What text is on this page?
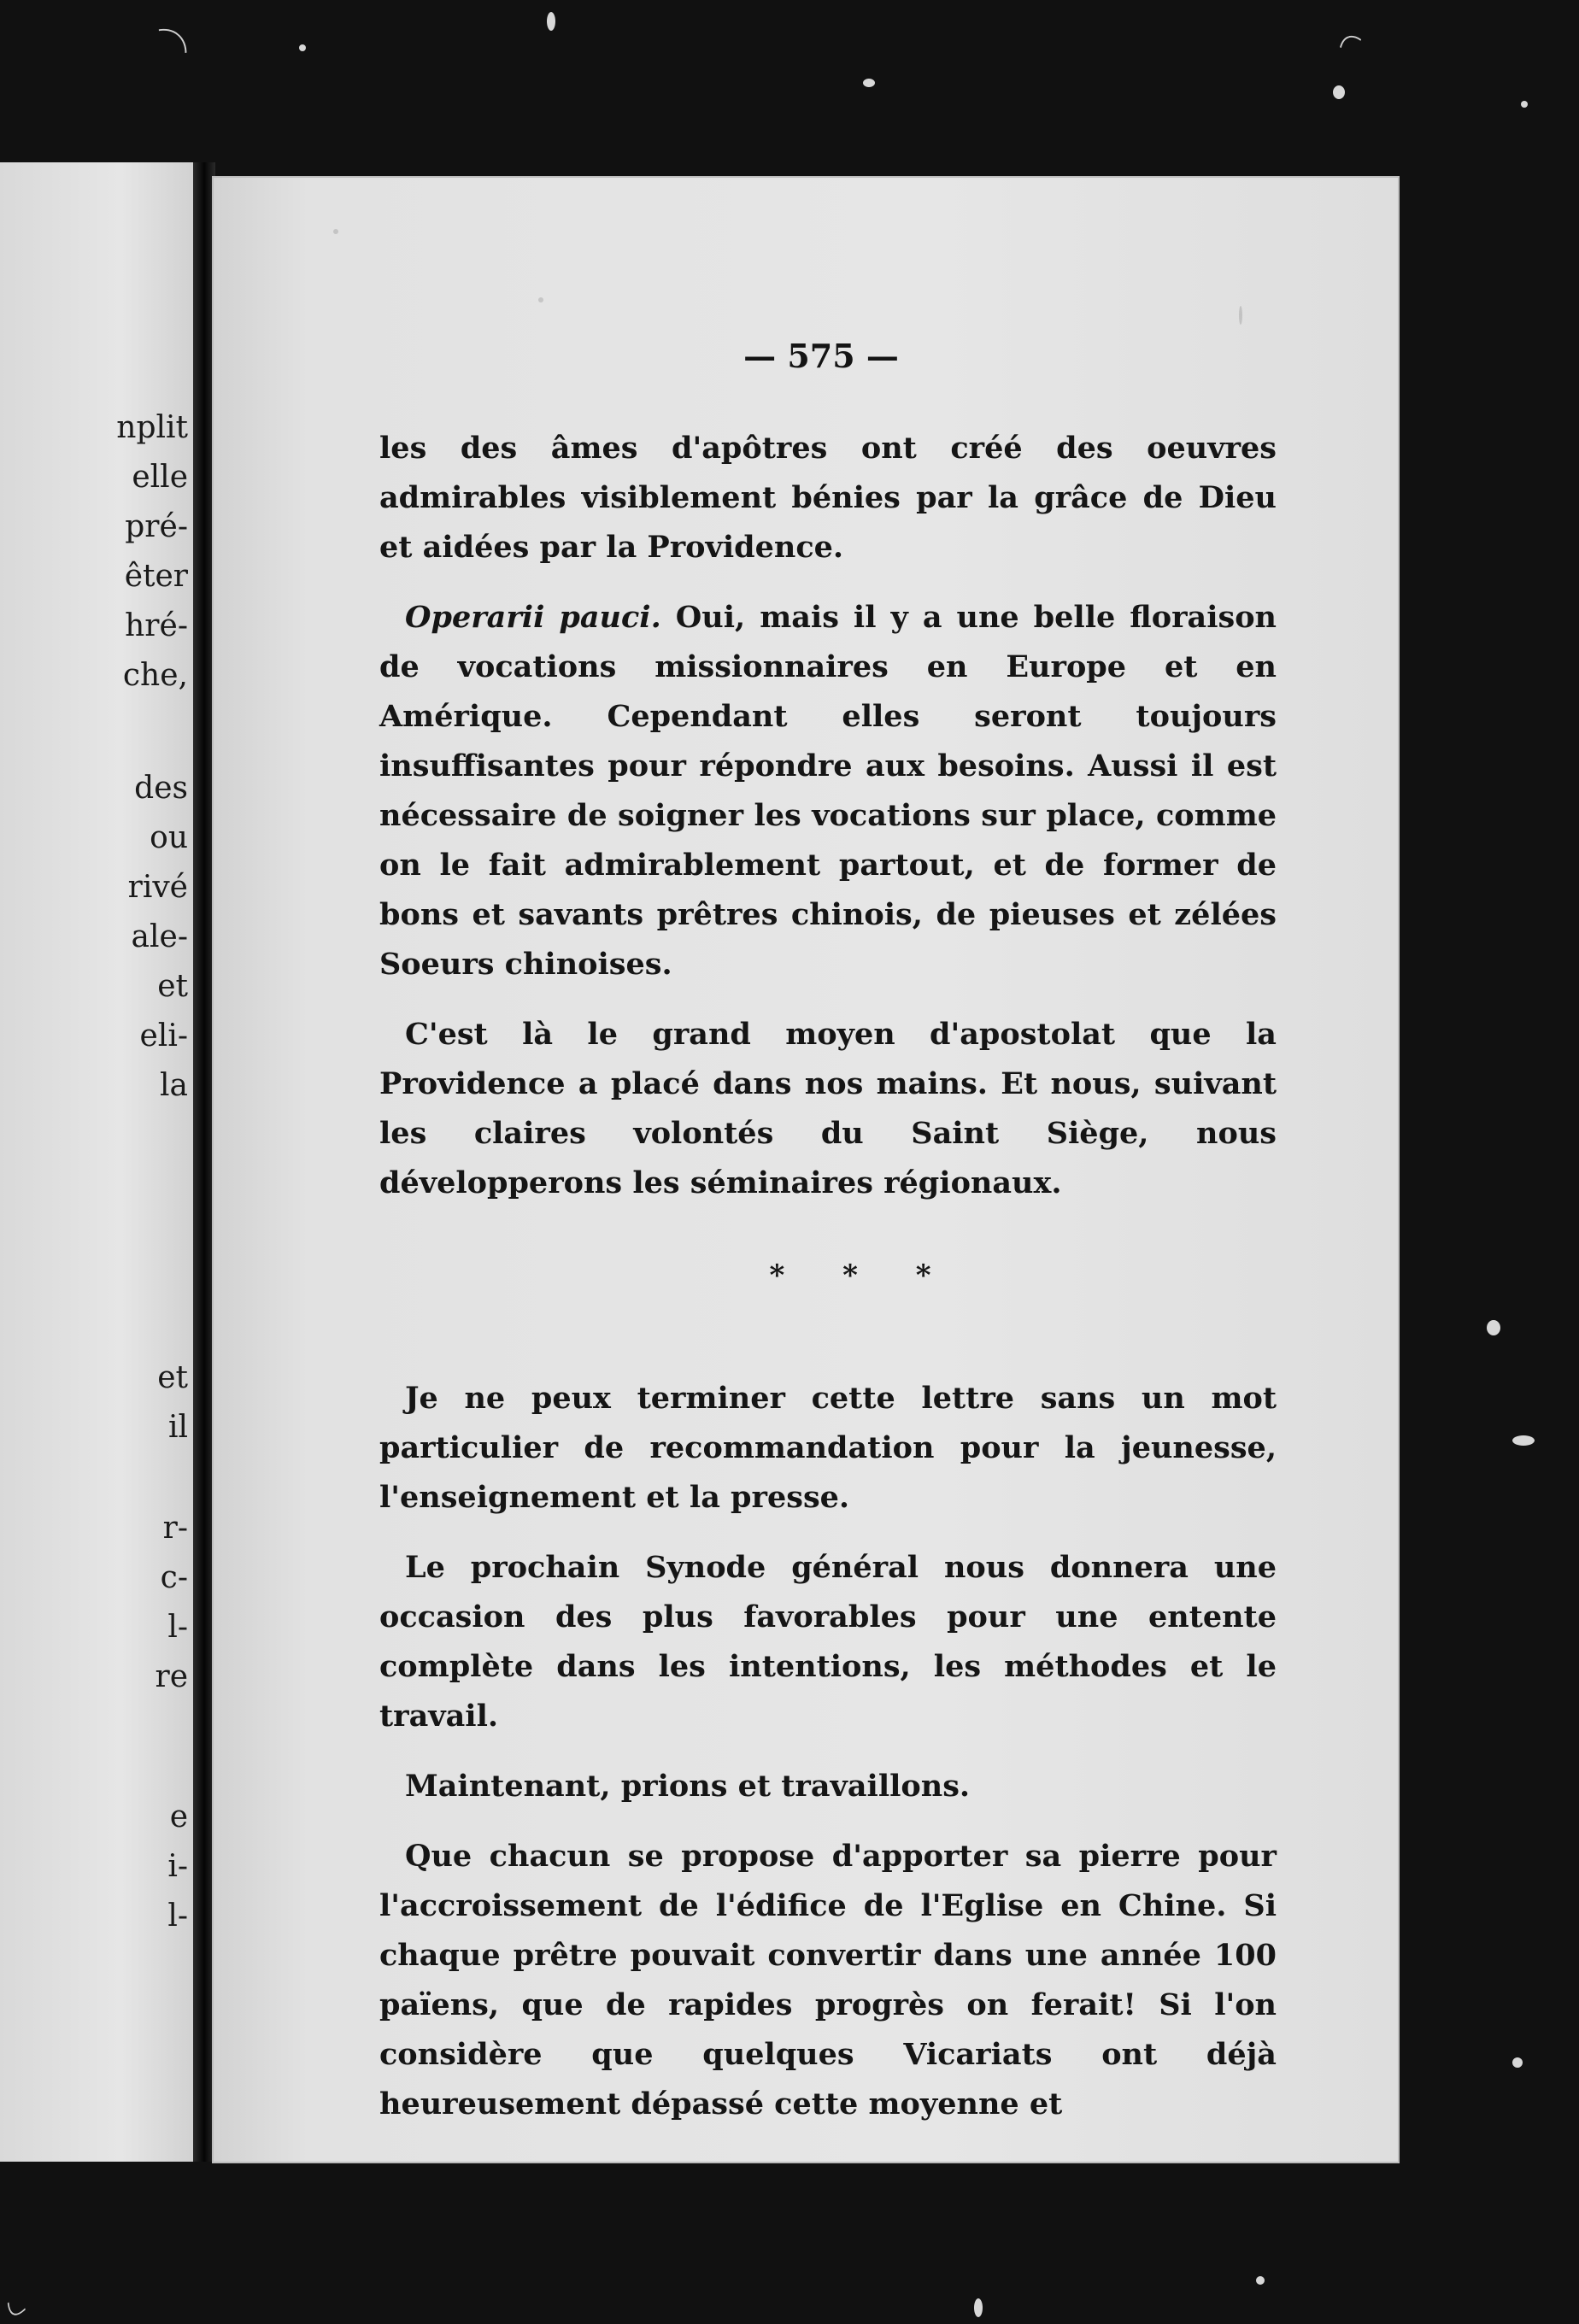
nplit
elle
pré-
êter
hré-
che,
des
ou
rivé
ale-
et
eli-
la
et
il
r-
c-
l-
re
e
i-
l-
— 575 —

les des âmes d'apôtres ont créé des oeuvres admirables visiblement bénies par la grâce de Dieu et aidées par la Providence.

Operarii pauci. Oui, mais il y a une belle floraison de vocations missionnaires en Europe et en Amérique. Cependant elles seront toujours insuffisantes pour répondre aux besoins. Aussi il est nécessaire de soigner les vocations sur place, comme on le fait admirablement partout, et de former de bons et savants prêtres chinois, de pieuses et zélées Soeurs chinoises.

C'est là le grand moyen d'apostolat que la Providence a placé dans nos mains. Et nous, suivant les claires volontés du Saint Siège, nous développerons les séminaires régionaux.

* * *

Je ne peux terminer cette lettre sans un mot particulier de recommandation pour la jeunesse, l'enseignement et la presse.

Le prochain Synode général nous donnera une occasion des plus favorables pour une entente complète dans les intentions, les méthodes et le travail.

Maintenant, prions et travaillons.

Que chacun se propose d'apporter sa pierre pour l'accroissement de l'édifice de l'Eglise en Chine. Si chaque prêtre pouvait convertir dans une année 100 païens, que de rapides progrès on ferait! Si l'on considère que quelques Vicariats ont déjà heureusement dépassé cette moyenne et
